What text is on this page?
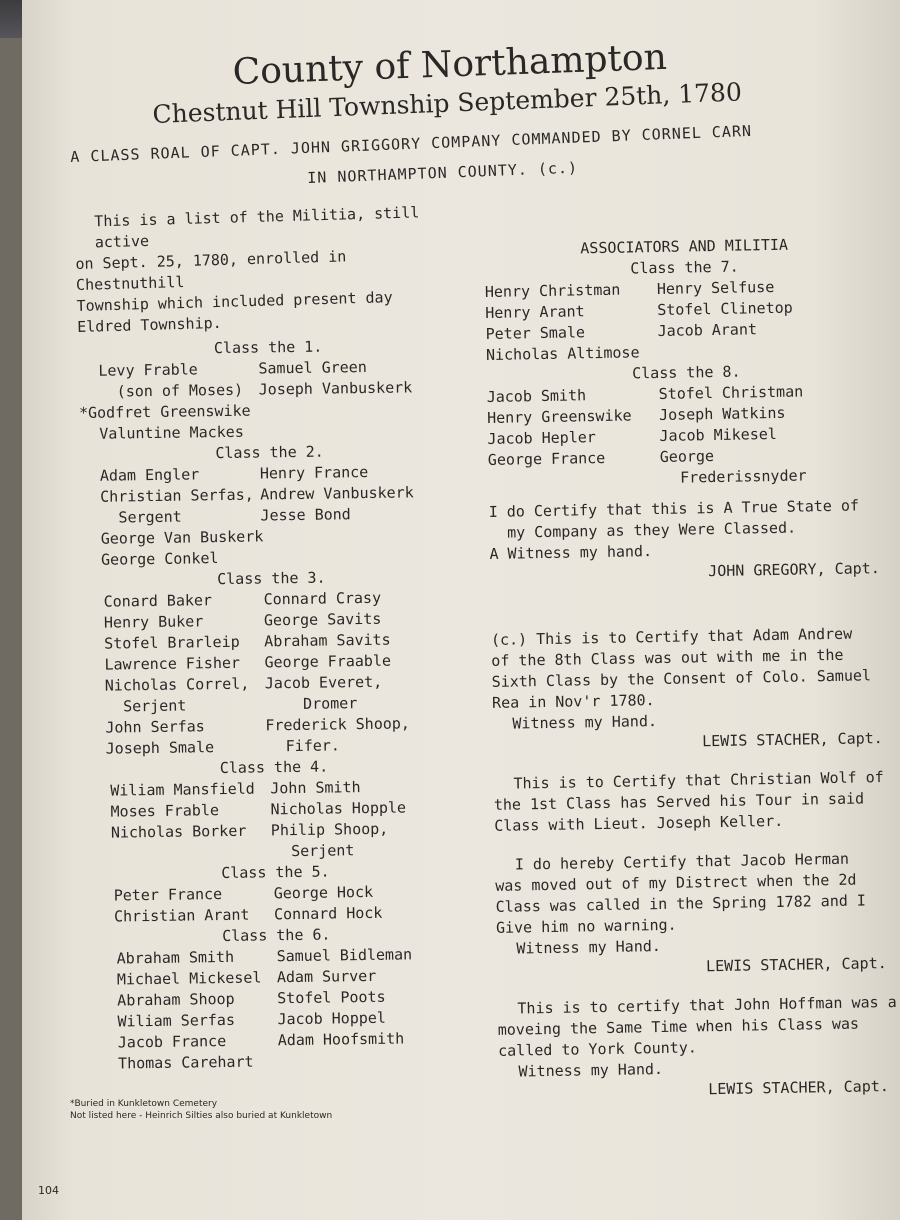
County of Northampton
Chestnut Hill Township September 25th, 1780
A CLASS ROAL OF CAPT. JOHN GRIGGORY COMPANY COMMANDED BY CORNEL CARN
IN NORTHAMPTON COUNTY. (c.)
This is a list of the Militia, still active
on Sept. 25, 1780, enrolled in Chestnuthill
Township which included present day
Eldred Township.
Class the 1.
Levy Frable	Samuel Green
(son of Moses)	Joseph Vanbuskerk
*Godfret Greenswike
Valuntine Mackes
Class the 2.
Adam Engler	Henry France
Christian Serfas, Andrew Vanbuskerk
Sergent	Jesse Bond
George Van Buskerk
George Conkel
Class the 3.
Conard Baker	Connard Crasy
Henry Buker	George Savits
Stofel Brarleip	Abraham Savits
Lawrence Fisher	George Fraable
Nicholas Correl,	Jacob Everet,
Serjent	Dromer
John Serfas	Frederick Shoop,
Joseph Smale	Fifer.
Class the 4.
Wiliam Mansfield	John Smith
Moses Frable	Nicholas Hopple
Nicholas Borker	Philip Shoop,
Serjent
Class the 5.
Peter France	George Hock
Christian Arant	Connard Hock
Class the 6.
Abraham Smith	Samuel Bidleman
Michael Mickesel	Adam Surver
Abraham Shoop	Stofel Poots
Wiliam Serfas	Jacob Hoppel
Jacob France	Adam Hoofsmith
Thomas Carehart
ASSOCIATORS AND MILITIA
Class the 7.
Henry Christman	Henry Selfuse
Henry Arant	Stofel Clinetop
Peter Smale	Jacob Arant
Nicholas Altimose
Class the 8.
Jacob Smith	Stofel Christman
Henry Greenswike	Joseph Watkins
Jacob Hepler	Jacob Mikesel
George France	George
Frederissnyder
I do Certify that this is A True State of
my Company as they Were Classed.
A Witness my hand.
JOHN GREGORY, Capt.
(c.) This is to Certify that Adam Andrew
of the 8th Class was out with me in the
Sixth Class by the Consent of Colo. Samuel
Rea in Nov'r 1780.
Witness my Hand.
LEWIS STACHER, Capt.
This is to Certify that Christian Wolf of
the 1st Class has Served his Tour in said
Class with Lieut. Joseph Keller.
I do hereby Certify that Jacob Herman
was moved out of my Distrect when the 2d
Class was called in the Spring 1782 and I
Give him no warning.
Witness my Hand.
LEWIS STACHER, Capt.
This is to certify that John Hoffman was a
moveing the Same Time when his Class was
called to York County.
Witness my Hand.
LEWIS STACHER, Capt.
*Buried in Kunkletown Cemetery
Not listed here - Heinrich Silties also buried at Kunkletown
104
